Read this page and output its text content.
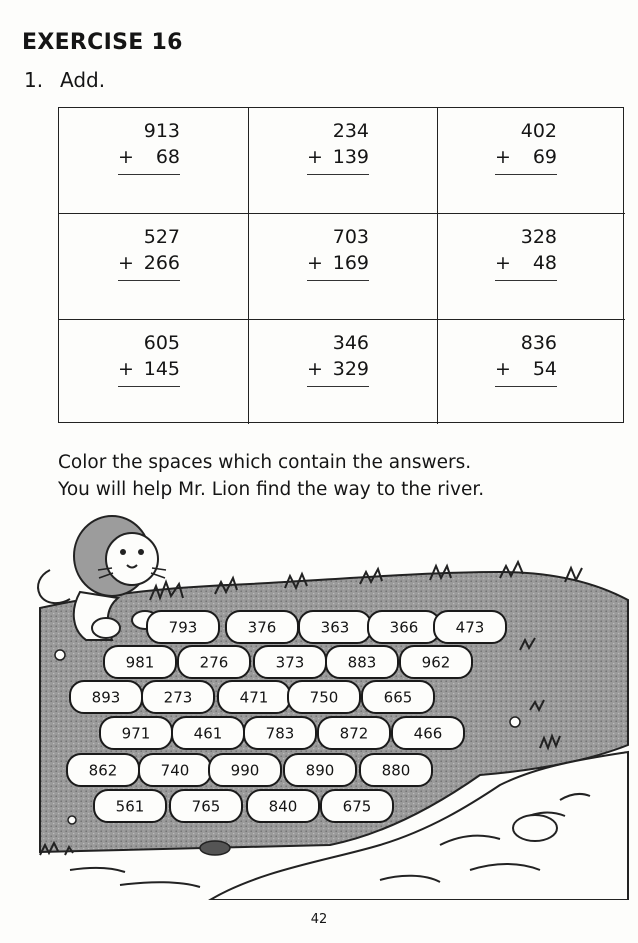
EXERCISE 16
1. Add.
913
+ 68
234
+ 139
402
+ 69
527
+ 266
703
+ 169
328
+ 48
605
+ 145
346
+ 329
836
+ 54
Color the spaces which contain the answers.
You will help Mr. Lion find the way to the river.
793	376	363	366 473
981	276	373	883	962
893	273	471	750	665
971	461	783	872	466
862	740	990	890	880
561	765	840	675
42
